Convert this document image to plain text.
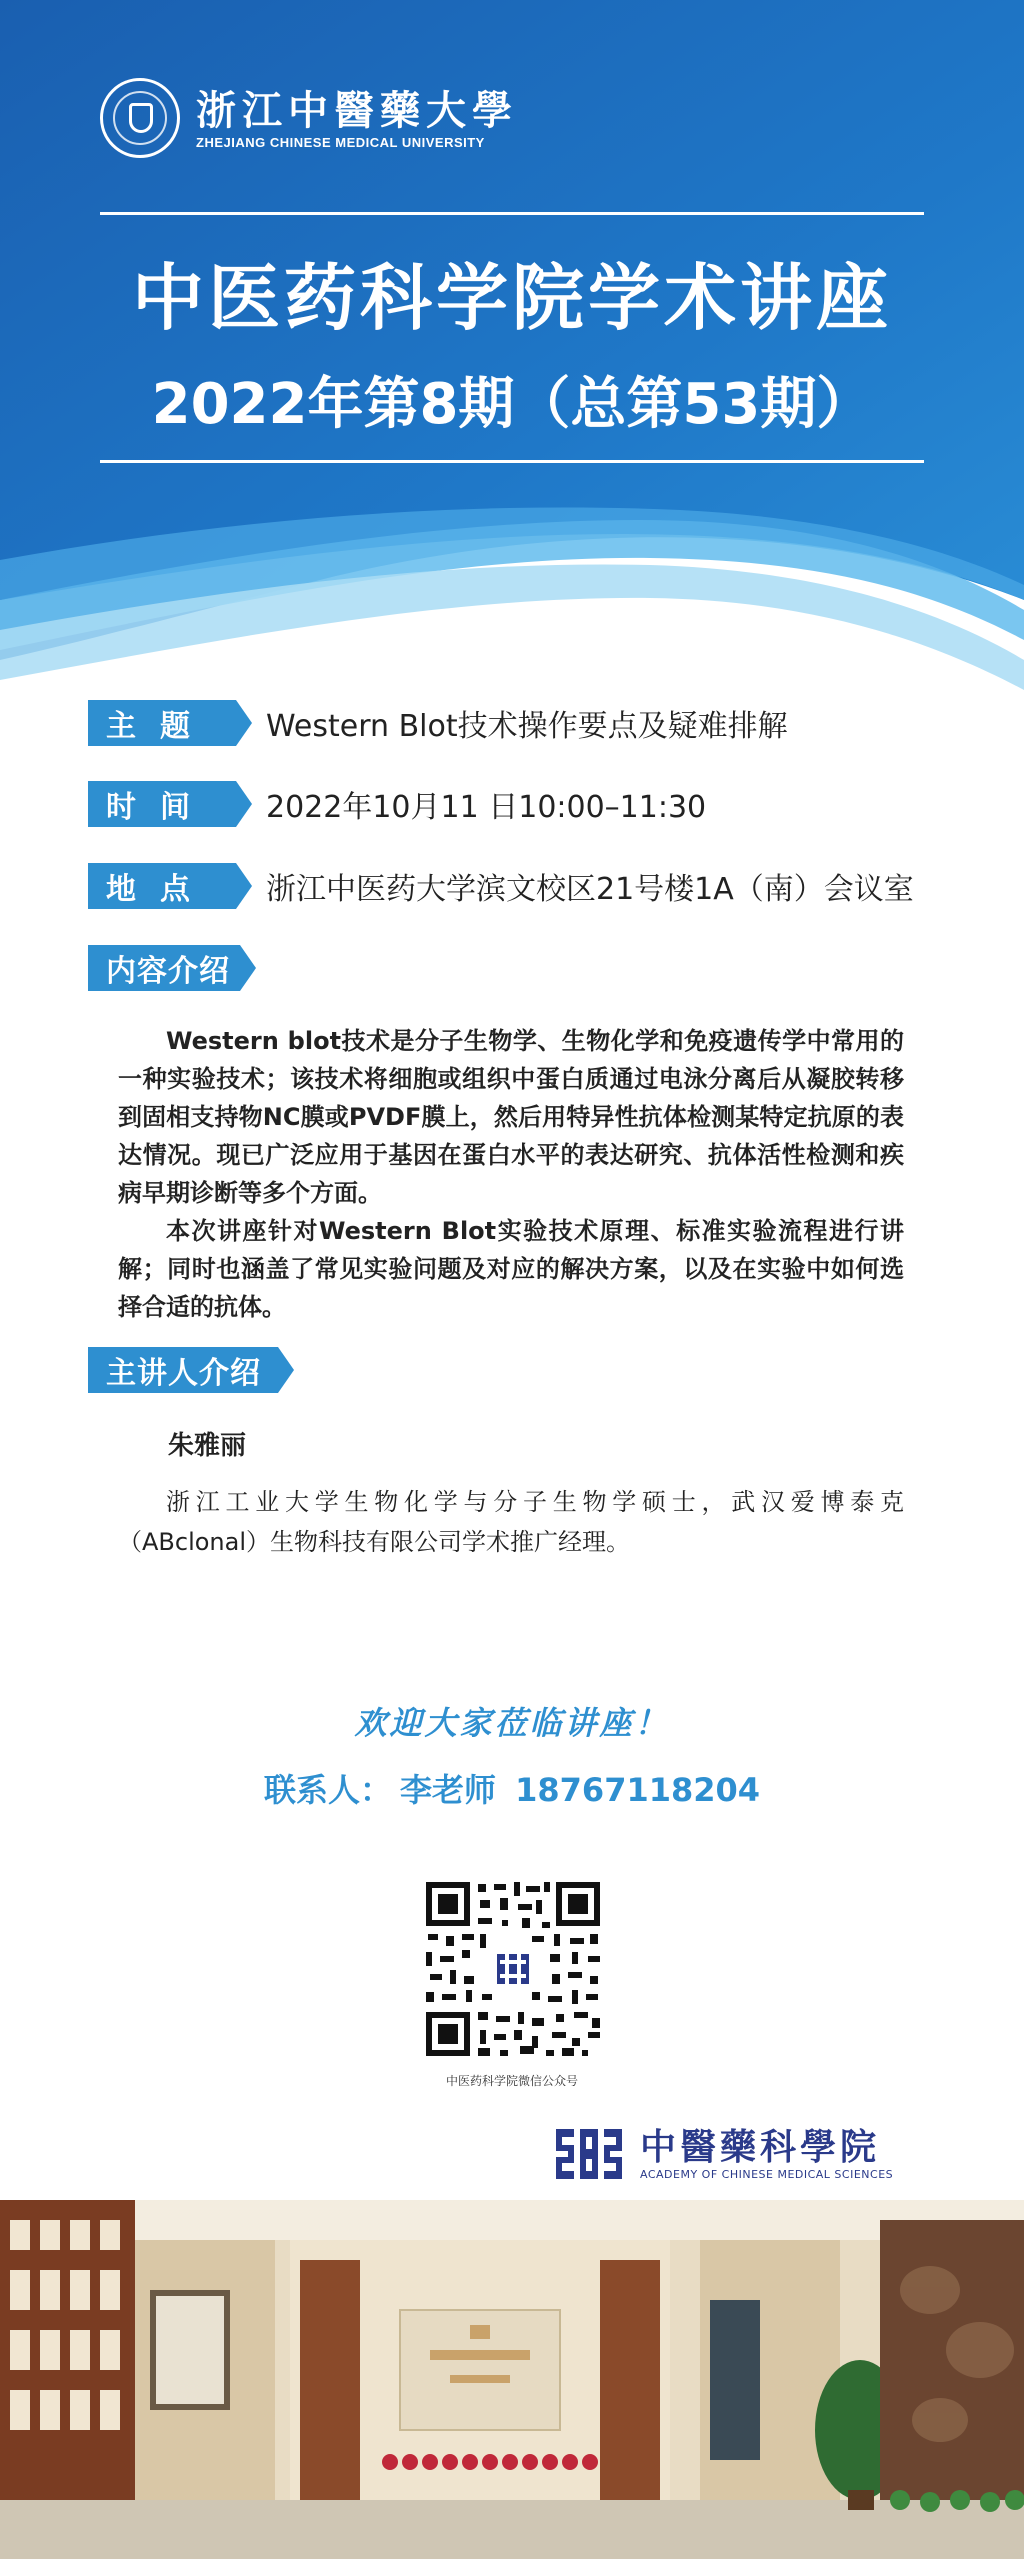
浙江中醫藥大學
ZHEJIANG CHINESE MEDICAL UNIVERSITY
中医药科学院学术讲座
2022年第8期（总第53期）
主题	Western Blot技术操作要点及疑难排解
时间	2022年10月11 日10:00–11:30
地点	浙江中医药大学滨文校区21号楼1A（南）会议室
内容介绍

Western blot技术是分子生物学、生物化学和免疫遗传学中常用的一种实验技术；该技术将细胞或组织中蛋白质通过电泳分离后从凝胶转移到固相支持物NC膜或PVDF膜上，然后用特异性抗体检测某特定抗原的表达情况。现已广泛应用于基因在蛋白水平的表达研究、抗体活性检测和疾病早期诊断等多个方面。

本次讲座针对Western Blot实验技术原理、标准实验流程进行讲解；同时也涵盖了常见实验问题及对应的解决方案，以及在实验中如何选择合适的抗体。

主讲人介绍
朱雅丽

浙江工业大学生物化学与分子生物学硕士，武汉爱博泰克（ABclonal）生物科技有限公司学术推广经理。

欢迎大家莅临讲座！
联系人： 李老师 18767118204
中医药科学院微信公众号
中醫藥科學院
ACADEMY OF CHINESE MEDICAL SCIENCES
